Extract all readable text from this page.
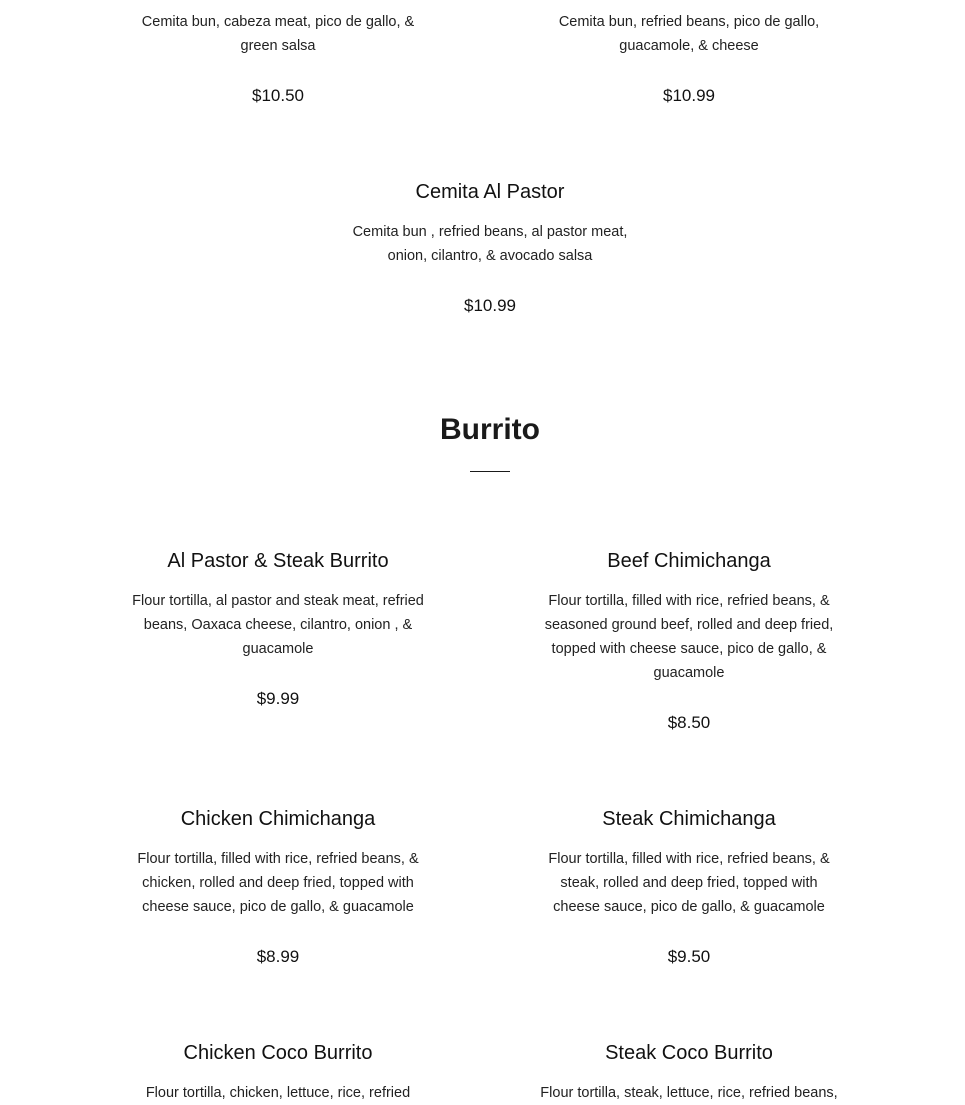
Cemita bun, cabeza meat, pico de gallo, & green salsa

$10.50

Cemita bun, refried beans, pico de gallo, guacamole, & cheese

$10.99

Cemita Al Pastor

Cemita bun , refried beans, al pastor meat, onion, cilantro, & avocado salsa

$10.99

Burrito

Al Pastor & Steak Burrito

Flour tortilla, al pastor and steak meat, refried beans, Oaxaca cheese, cilantro, onion , & guacamole

$9.99

Beef Chimichanga

Flour tortilla, filled with rice, refried beans, & seasoned ground beef, rolled and deep fried, topped with cheese sauce, pico de gallo, & guacamole

$8.50

Chicken Chimichanga

Flour tortilla, filled with rice, refried beans, & chicken, rolled and deep fried, topped with cheese sauce, pico de gallo, & guacamole

$8.99

Steak Chimichanga

Flour tortilla, filled with rice, refried beans, & steak, rolled and deep fried, topped with cheese sauce, pico de gallo, & guacamole

$9.50

Chicken Coco Burrito

Flour tortilla, chicken, lettuce, rice, refried

Steak Coco Burrito

Flour tortilla, steak, lettuce, rice, refried beans,
